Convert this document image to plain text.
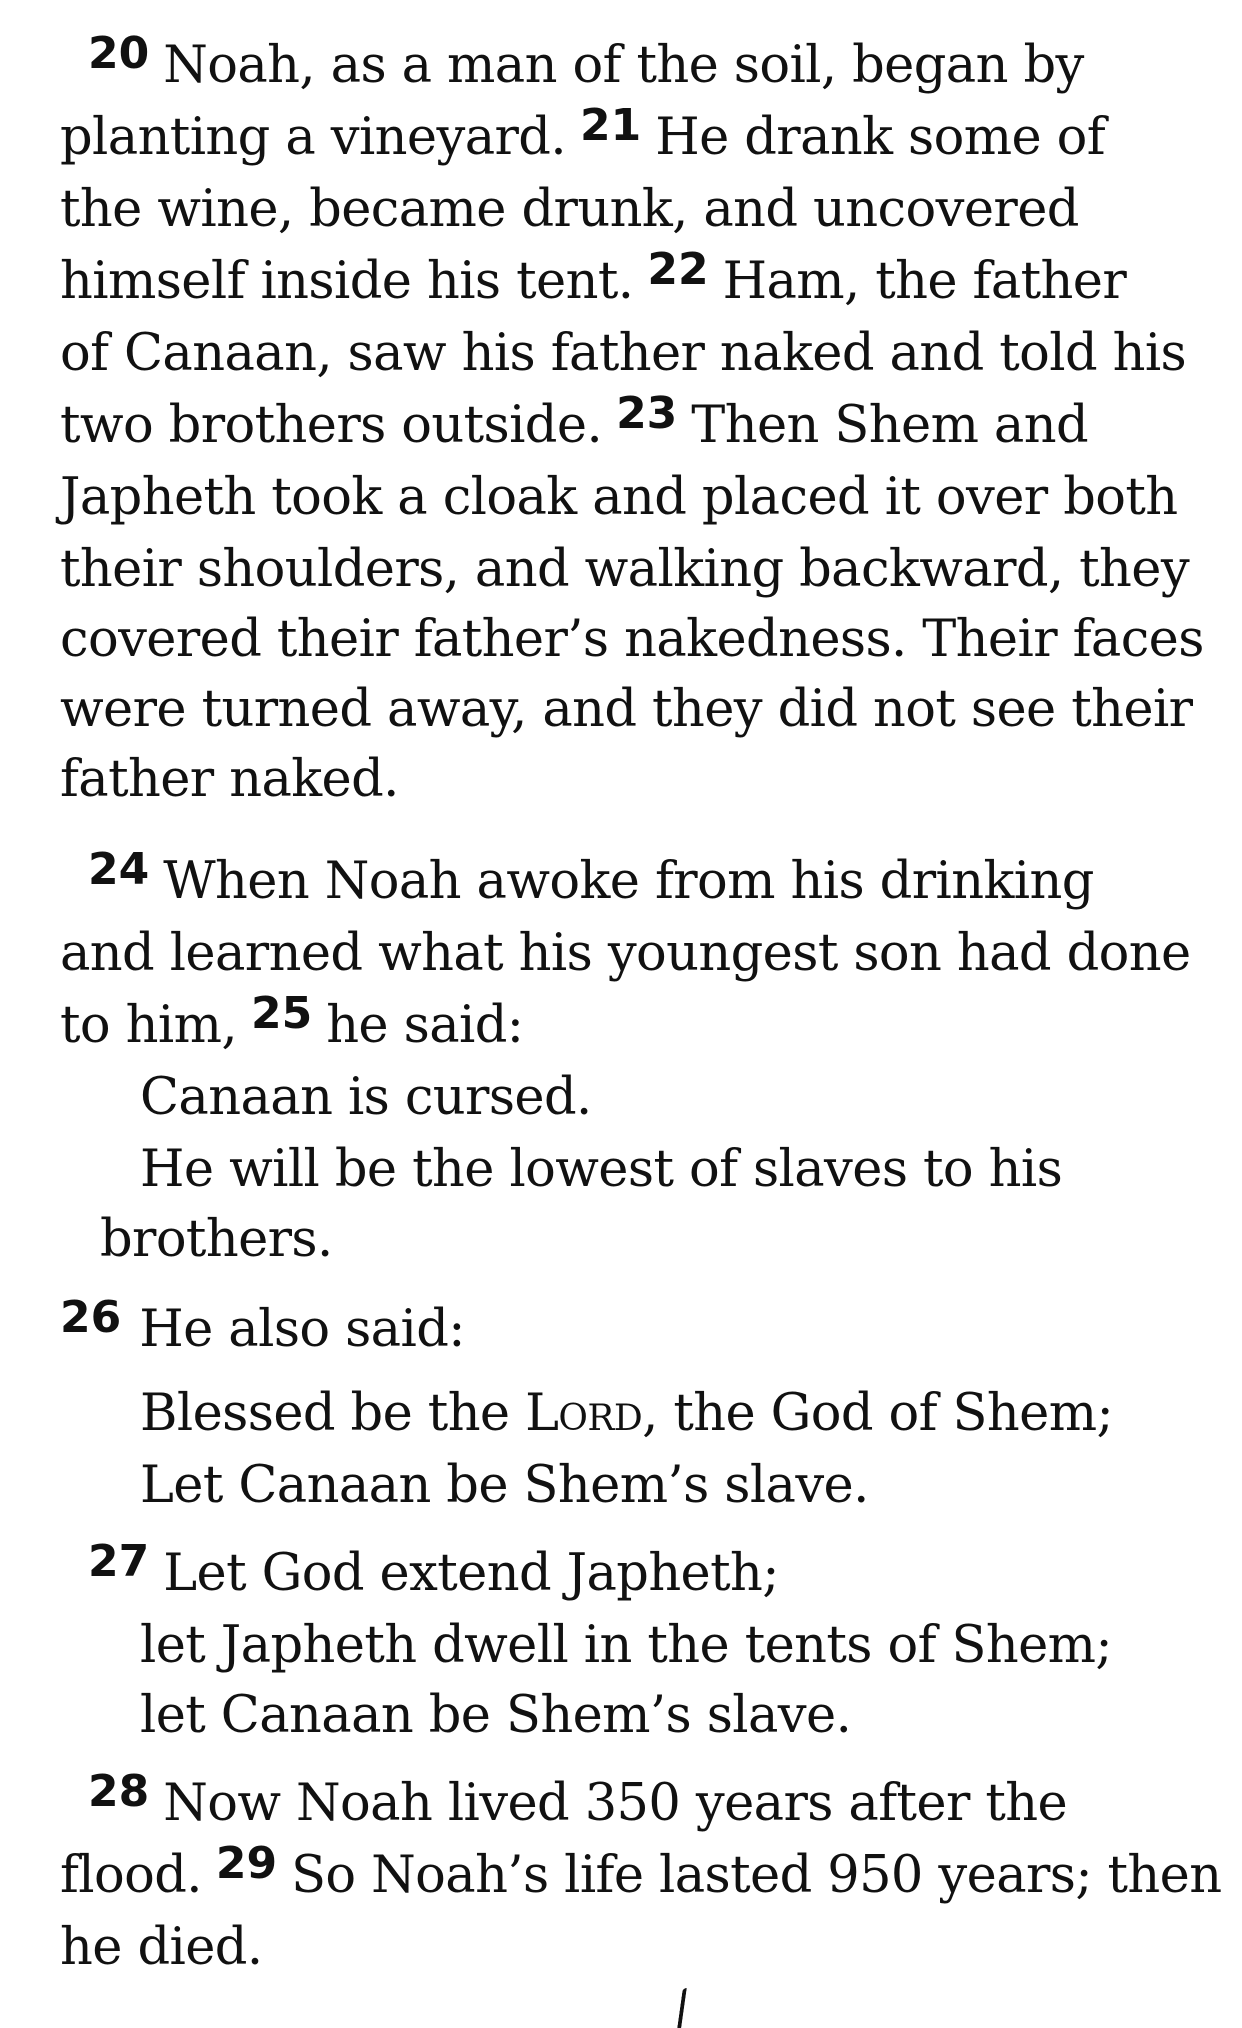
20 Noah, as a man of the soil, began by
planting a vineyard. 21 He drank some of
the wine, became drunk, and uncovered
himself inside his tent. 22 Ham, the father
of Canaan, saw his father naked and told his
two brothers outside. 23 Then Shem and
Japheth took a cloak and placed it over both
their shoulders, and walking backward, they
covered their father’s nakedness. Their faces
were turned away, and they did not see their
father naked.
24 When Noah awoke from his drinking
and learned what his youngest son had done
to him, 25 he said:
Canaan is cursed.
He will be the lowest of slaves to his
brothers.
26 He also said:
Blessed be the Lord, the God of Shem;
Let Canaan be Shem’s slave.
27 Let God extend Japheth;
let Japheth dwell in the tents of Shem;
let Canaan be Shem’s slave.
28 Now Noah lived 350 years after the
flood. 29 So Noah’s life lasted 950 years; then
he died.
